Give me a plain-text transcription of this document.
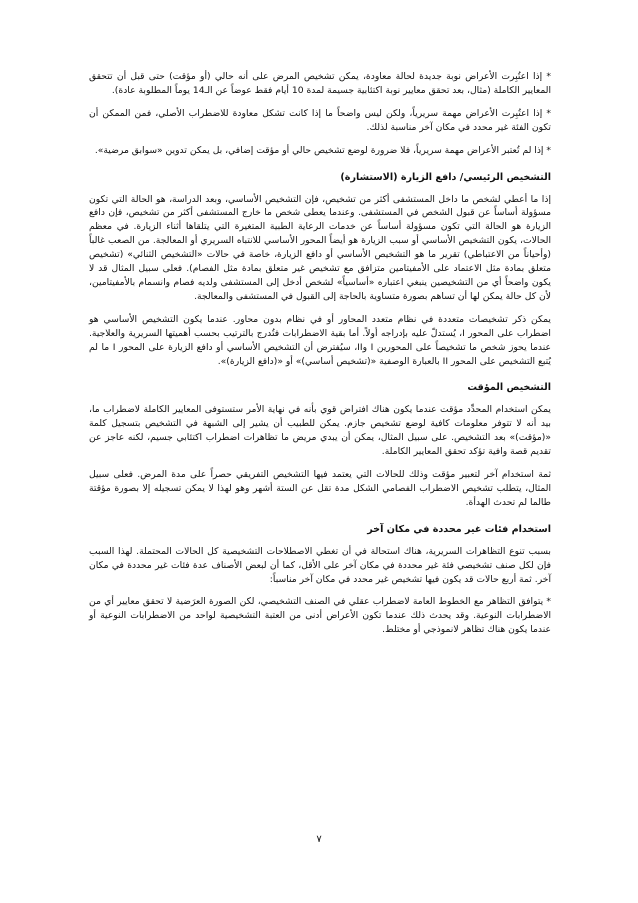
* إذا اعتُبِرت الأعراض نوبة جديدة لحالة معاودة، يمكن تشخيص المرض على أنه حالي (أو مؤقت) حتى قبل أن تتحقق المعايير الكاملة (مثال، بعد تحقق معايير نوبة اكتئابية جسيمة لمدة 10 أيام فقط عوضاً عن الـ14 يوماً المطلوبة عادة).

* إذا اعتُبِرت الأعراض مهمة سريرياً، ولكن ليس واضحاً ما إذا كانت تشكل معاودة للاضطراب الأصلي، فمن الممكن أن تكون الفئة غير محدد في مكان آخر مناسبة لذلك.

* إذا لم تُعتبر الأعراض مهمة سريرياً، فلا ضرورة لوضع تشخيص حالي أو مؤقت إضافي، بل يمكن تدوين «سوابق مرضية».

التشخيص الرئيسي/ دافع الزيارة (الاستشارة)

إذا ما أعطي لشخص ما داخل المستشفى أكثر من تشخيص، فإن التشخيص الأساسي، وبعد الدراسة، هو الحالة التي تكون مسؤولة أساساً عن قبول الشخص في المستشفى. وعندما يعطى شخص ما خارج المستشفى أكثر من تشخيص، فإن دافع الزيارة هو الحالة التي تكون مسؤولة أساساً عن خدمات الرعاية الطبية المتغيرة التي يتلقاها أثناء الزيارة. في معظم الحالات، يكون التشخيص الأساسي أو سبب الزيارة هو أيضاً المحور الأساسي للانتباه السريري أو المعالجة. من الصعب غالباً (وأحياناً من الاعتباطي) تقرير ما هو التشخيص الأساسي أو دافع الزيارة، خاصة في حالات «التشخيص الثنائي» (تشخيص متعلق بمادة مثل الاعتماد على الأمفيتامين متزافق مع تشخيص غير متعلق بمادة مثل الفصام). فعلى سبيل المثال قد لا يكون واضحاً أي من التشخيصين ينبغي اعتباره «أساسياً» لشخص أدخل إلى المستشفى ولديه فصام وانسمام بالأمفيتامين، لأن كل حالة يمكن لها أن تساهم بصورة متساوية بالحاجة إلى القبول في المستشفى والمعالجة.

يمكن ذكر تشخيصات متعددة في نظام متعدد المحاور أو في نظام بدون محاور. عندما يكون التشخيص الأساسي هو اضطراب على المحور I، يُستدلّ عليه بإدراجه أولاً. أما بقية الاضطرابات فتُدرج بالترتيب بحسب أهميتها السريرية والعلاجية. عندما يحوز شخص ما تشخيصاً على المحورين I وII، سيُفترض أن التشخيص الأساسي أو دافع الزيارة على المحور I ما لم يُتبع التشخيص على المحور II بالعبارة الوصفية «(تشخيص أساسي)» أو «(دافع الزيارة)».

التشخيص المؤقت

يمكن استخدام المحدِّد مؤقت عندما يكون هناك افتراض قوي بأنه في نهاية الأمر ستستوفى المعايير الكاملة لاضطراب ما، بيد أنه لا تتوفر معلومات كافية لوضع تشخيص جازم. يمكن للطبيب أن يشير إلى الشبهة في التشخيص بتسجيل كلمة «(مؤقت)» بعد التشخيص. على سبيل المثال، يمكن أن يبدي مريض ما تظاهرات اضطراب اكتئابي جسيم، لكنه عاجز عن تقديم قصة وافية تؤكد تحقق المعايير الكاملة.

ثمة استخدام آخر لتعبير مؤقت وذلك للحالات التي يعتمد فيها التشخيص التفريقي حصراً على مدة المرض. فعلى سبيل المثال، يتطلب تشخيص الاضطراب الفصامي الشكل مدة تقل عن الستة أشهر وهو لهذا لا يمكن تسجيله إلا بصورة مؤقتة طالما لم تحدث الهدأة.

استخدام فئات غير محددة في مكان آخر

بسبب تنوع التظاهرات السريرية، هناك استحالة في أن تغطي الاصطلاحات التشخيصية كل الحالات المحتملة. لهذا السبب فإن لكل صنف تشخيصي فئة غير محددة في مكان آخر على الأقل، كما أن لبعض الأصناف عدة فئات غير محددة في مكان آخر. ثمة أربع حالات قد يكون فيها تشخيص غير محدد في مكان آخر مناسباً:

* يتوافق التظاهر مع الخطوط العامة لاضطراب عقلي في الصنف التشخيصي، لكن الصورة العرَضية لا تحقق معايير أي من الاضطرابات النوعية. وقد يحدث ذلك عندما تكون الأعراض أدنى من العتبة التشخيصية لواحد من الاضطرابات النوعية أو عندما يكون هناك تظاهر لانموذجي أو مختلط.

٧
